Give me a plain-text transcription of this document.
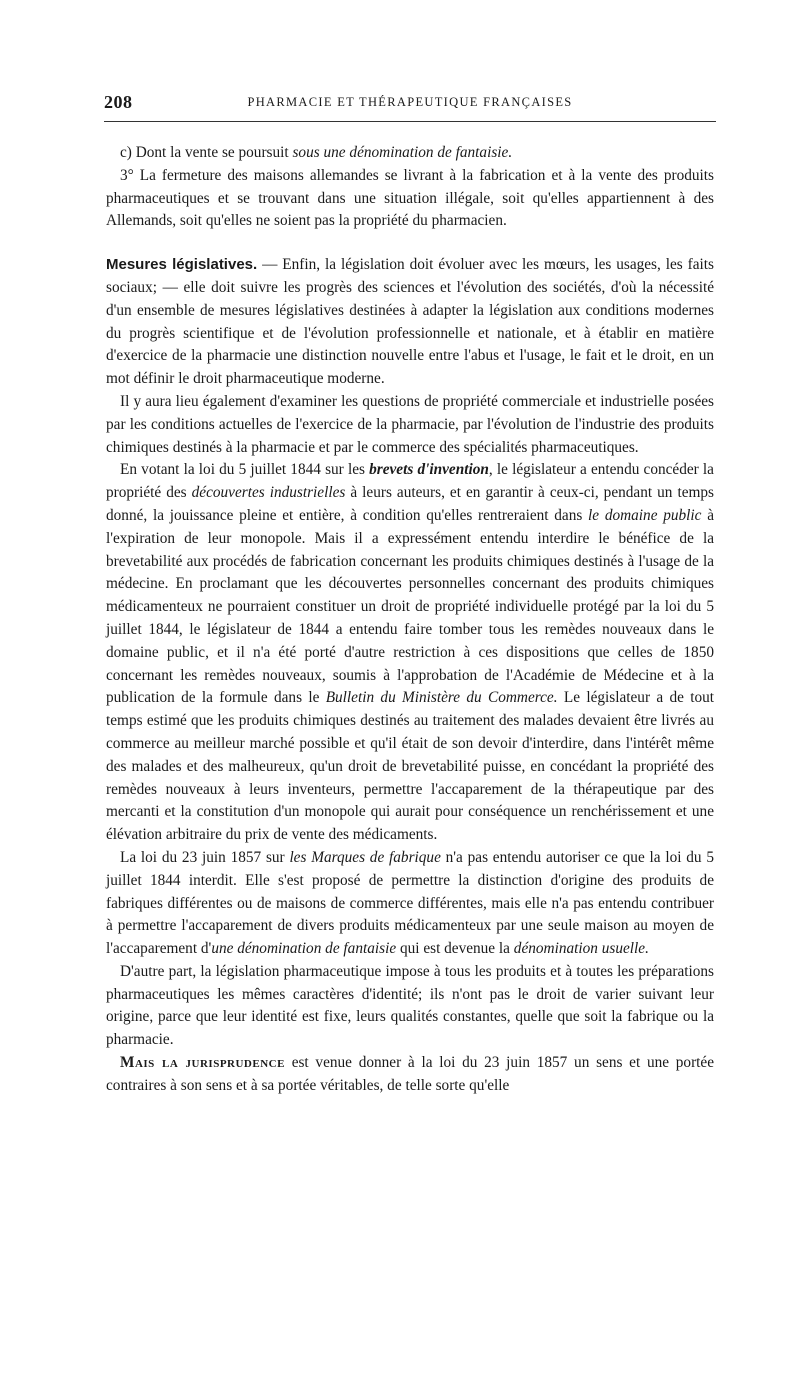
208	PHARMACIE ET THÉRAPEUTIQUE FRANÇAISES

c) Dont la vente se poursuit sous une dénomination de fantaisie.

3° La fermeture des maisons allemandes se livrant à la fabrication et à la vente des produits pharmaceutiques et se trouvant dans une situation illégale, soit qu'elles appartiennent à des Allemands, soit qu'elles ne soient pas la propriété du pharmacien.

Mesures législatives. — Enfin, la législation doit évoluer avec les mœurs, les usages, les faits sociaux; — elle doit suivre les progrès des sciences et l'évolution des sociétés, d'où la nécessité d'un ensemble de mesures législatives destinées à adapter la législation aux conditions modernes du progrès scientifique et de l'évolution professionnelle et nationale, et à établir en matière d'exercice de la pharmacie une distinction nouvelle entre l'abus et l'usage, le fait et le droit, en un mot définir le droit pharmaceutique moderne.

Il y aura lieu également d'examiner les questions de propriété commerciale et industrielle posées par les conditions actuelles de l'exercice de la pharmacie, par l'évolution de l'industrie des produits chimiques destinés à la pharmacie et par le commerce des spécialités pharmaceutiques.

En votant la loi du 5 juillet 1844 sur les brevets d'invention, le législateur a entendu concéder la propriété des découvertes industrielles à leurs auteurs, et en garantir à ceux-ci, pendant un temps donné, la jouissance pleine et entière, à condition qu'elles rentreraient dans le domaine public à l'expiration de leur monopole. Mais il a expressément entendu interdire le bénéfice de la brevetabilité aux procédés de fabrication concernant les produits chimiques destinés à l'usage de la médecine. En proclamant que les découvertes personnelles concernant des produits chimiques médicamenteux ne pourraient constituer un droit de propriété individuelle protégé par la loi du 5 juillet 1844, le législateur de 1844 a entendu faire tomber tous les remèdes nouveaux dans le domaine public, et il n'a été porté d'autre restriction à ces dispositions que celles de 1850 concernant les remèdes nouveaux, soumis à l'approbation de l'Académie de Médecine et à la publication de la formule dans le Bulletin du Ministère du Commerce. Le législateur a de tout temps estimé que les produits chimiques destinés au traitement des malades devaient être livrés au commerce au meilleur marché possible et qu'il était de son devoir d'interdire, dans l'intérêt même des malades et des malheureux, qu'un droit de brevetabilité puisse, en concédant la propriété des remèdes nouveaux à leurs inventeurs, permettre l'accaparement de la thérapeutique par des mercanti et la constitution d'un monopole qui aurait pour conséquence un renchérissement et une élévation arbitraire du prix de vente des médicaments.

La loi du 23 juin 1857 sur les Marques de fabrique n'a pas entendu autoriser ce que la loi du 5 juillet 1844 interdit. Elle s'est proposé de permettre la distinction d'origine des produits de fabriques différentes ou de maisons de commerce différentes, mais elle n'a pas entendu contribuer à permettre l'accaparement de divers produits médicamenteux par une seule maison au moyen de l'accaparement d'une dénomination de fantaisie qui est devenue la dénomination usuelle.

D'autre part, la législation pharmaceutique impose à tous les produits et à toutes les préparations pharmaceutiques les mêmes caractères d'identité; ils n'ont pas le droit de varier suivant leur origine, parce que leur identité est fixe, leurs qualités constantes, quelle que soit la fabrique ou la pharmacie.

Mais la jurisprudence est venue donner à la loi du 23 juin 1857 un sens et une portée contraires à son sens et à sa portée véritables, de telle sorte qu'elle
